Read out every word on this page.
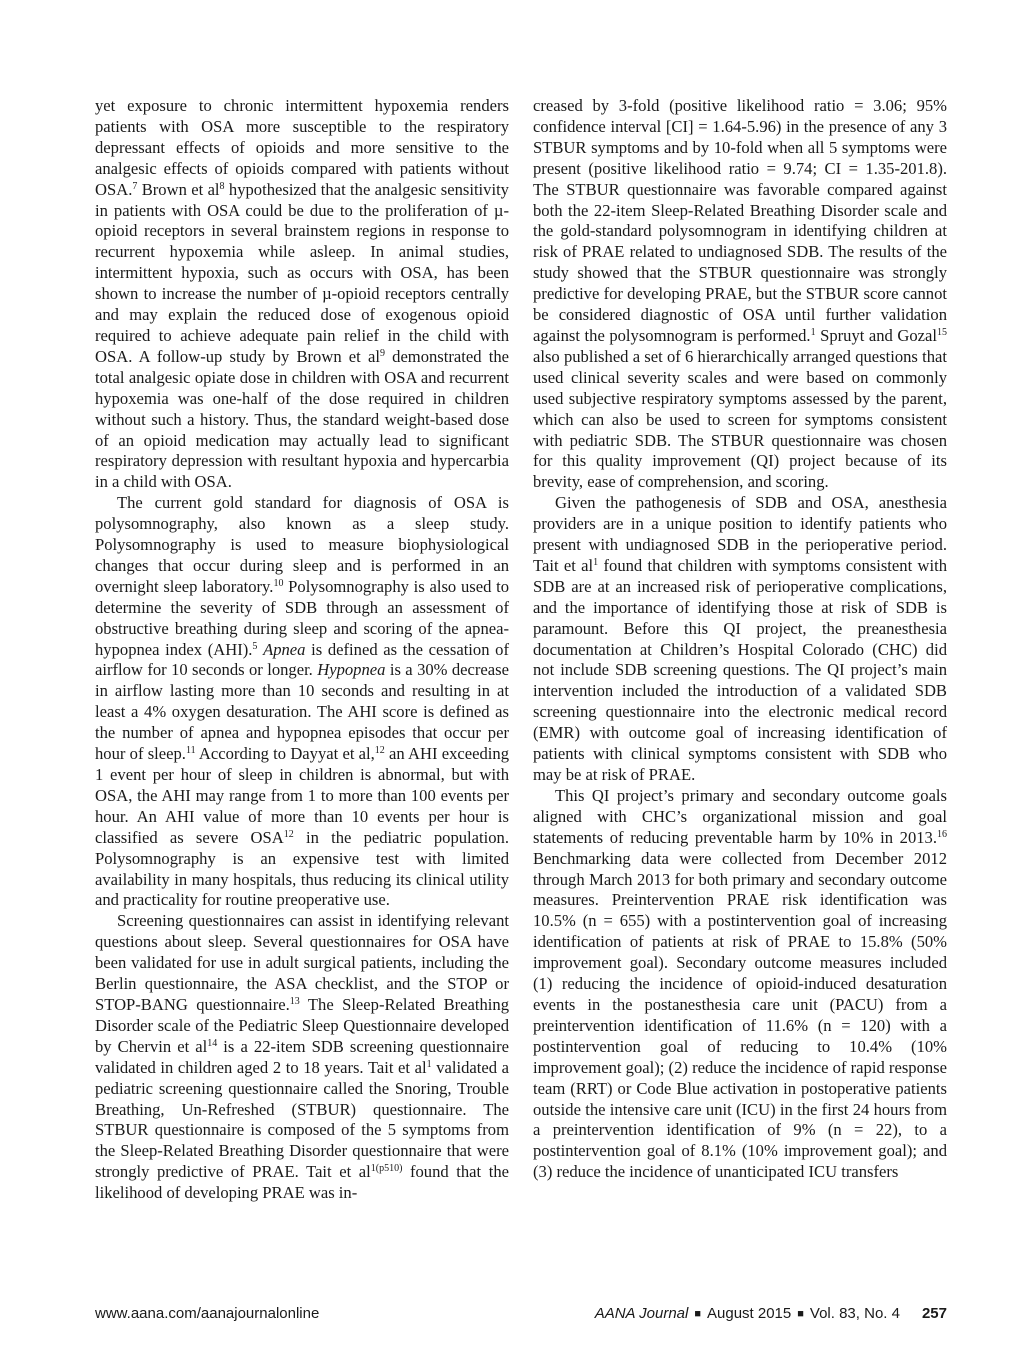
yet exposure to chronic intermittent hypoxemia renders patients with OSA more susceptible to the respiratory depressant effects of opioids and more sensitive to the analgesic effects of opioids compared with patients without OSA.$^7$ Brown et $al^8$ hypothesized that the analgesic sensitivity in patients with OSA could be due to the proliferation of µ-opioid receptors in several brainstem regions in response to recurrent hypoxemia while asleep. In animal studies, intermittent hypoxia, such as occurs with OSA, has been shown to increase the number of µ-opioid receptors centrally and may explain the reduced dose of exogenous opioid required to achieve adequate pain relief in the child with OSA. A follow-up study by Brown et $al^9$ demonstrated the total analgesic opiate dose in children with OSA and recurrent hypoxemia was one-half of the dose required in children without such a history. Thus, the standard weight-based dose of an opioid medication may actually lead to significant respiratory depression with resultant hypoxia and hypercarbia in a child with OSA.

The current gold standard for diagnosis of OSA is polysomnography, also known as a sleep study. Polysomnography is used to measure biophysiological changes that occur during sleep and is performed in an overnight sleep laboratory.$^{10}$ Polysomnography is also used to determine the severity of SDB through an assessment of obstructive breathing during sleep and scoring of the apnea-hypopnea index (AHI).$^5$ Apnea is defined as the cessation of airflow for 10 seconds or longer. Hypopnea is a 30% decrease in airflow lasting more than 10 seconds and resulting in at least a 4% oxygen desaturation. The AHI score is defined as the number of apnea and hypopnea episodes that occur per hour of sleep.$^{11}$ According to Dayyat et al,$^{12}$ an AHI exceeding 1 event per hour of sleep in children is abnormal, but with OSA, the AHI may range from 1 to more than 100 events per hour. An AHI value of more than 10 events per hour is classified as severe OSA$^{12}$ in the pediatric population. Polysomnography is an expensive test with limited availability in many hospitals, thus reducing its clinical utility and practicality for routine preoperative use.

Screening questionnaires can assist in identifying relevant questions about sleep. Several questionnaires for OSA have been validated for use in adult surgical patients, including the Berlin questionnaire, the ASA checklist, and the STOP or STOP-BANG questionnaire.$^{13}$ The Sleep-Related Breathing Disorder scale of the Pediatric Sleep Questionnaire developed by Chervin et $al^{14}$ is a 22-item SDB screening questionnaire validated in children aged 2 to 18 years. Tait et $al^1$ validated a pediatric screening questionnaire called the Snoring, Trouble Breathing, Un-Refreshed (STBUR) questionnaire. The STBUR questionnaire is composed of the 5 symptoms from the Sleep-Related Breathing Disorder questionnaire that were strongly predictive of PRAE. Tait et $al^{1(p510)}$ found that the likelihood of developing PRAE was in-

creased by 3-fold (positive likelihood ratio = 3.06; 95% confidence interval [CI] = 1.64-5.96) in the presence of any 3 STBUR symptoms and by 10-fold when all 5 symptoms were present (positive likelihood ratio = 9.74; CI = 1.35-201.8). The STBUR questionnaire was favorable compared against both the 22-item Sleep-Related Breathing Disorder scale and the gold-standard polysomnogram in identifying children at risk of PRAE related to undiagnosed SDB. The results of the study showed that the STBUR questionnaire was strongly predictive for developing PRAE, but the STBUR score cannot be considered diagnostic of OSA until further validation against the polysomnogram is performed.$^1$ Spruyt and Gozal$^{15}$ also published a set of 6 hierarchically arranged questions that used clinical severity scales and were based on commonly used subjective respiratory symptoms assessed by the parent, which can also be used to screen for symptoms consistent with pediatric SDB. The STBUR questionnaire was chosen for this quality improvement (QI) project because of its brevity, ease of comprehension, and scoring.

Given the pathogenesis of SDB and OSA, anesthesia providers are in a unique position to identify patients who present with undiagnosed SDB in the perioperative period. Tait et $al^1$ found that children with symptoms consistent with SDB are at an increased risk of perioperative complications, and the importance of identifying those at risk of SDB is paramount. Before this QI project, the preanesthesia documentation at Children’s Hospital Colorado (CHC) did not include SDB screening questions. The QI project’s main intervention included the introduction of a validated SDB screening questionnaire into the electronic medical record (EMR) with outcome goal of increasing identification of patients with clinical symptoms consistent with SDB who may be at risk of PRAE.

This QI project’s primary and secondary outcome goals aligned with CHC’s organizational mission and goal statements of reducing preventable harm by 10% in 2013.16 Benchmarking data were collected from December 2012 through March 2013 for both primary and secondary outcome measures. Preintervention PRAE risk identification was 10.5% (n = 655) with a postintervention goal of increasing identification of patients at risk of PRAE to 15.8% (50% improvement goal). Secondary outcome measures included (1) reducing the incidence of opioid-induced desaturation events in the postanesthesia care unit (PACU) from a preintervention identification of 11.6% (n = 120) with a postintervention goal of reducing to 10.4% (10% improvement goal); (2) reduce the incidence of rapid response team (RRT) or Code Blue activation in postoperative patients outside the intensive care unit (ICU) in the first 24 hours from a preintervention identification of 9% (n = 22), to a postintervention goal of 8.1% (10% improvement goal); and (3) reduce the incidence of unanticipated ICU transfers

www.aana.com/aanajournalonline	AANA Journal ■ August 2015 ■ Vol. 83, No. 4 257
